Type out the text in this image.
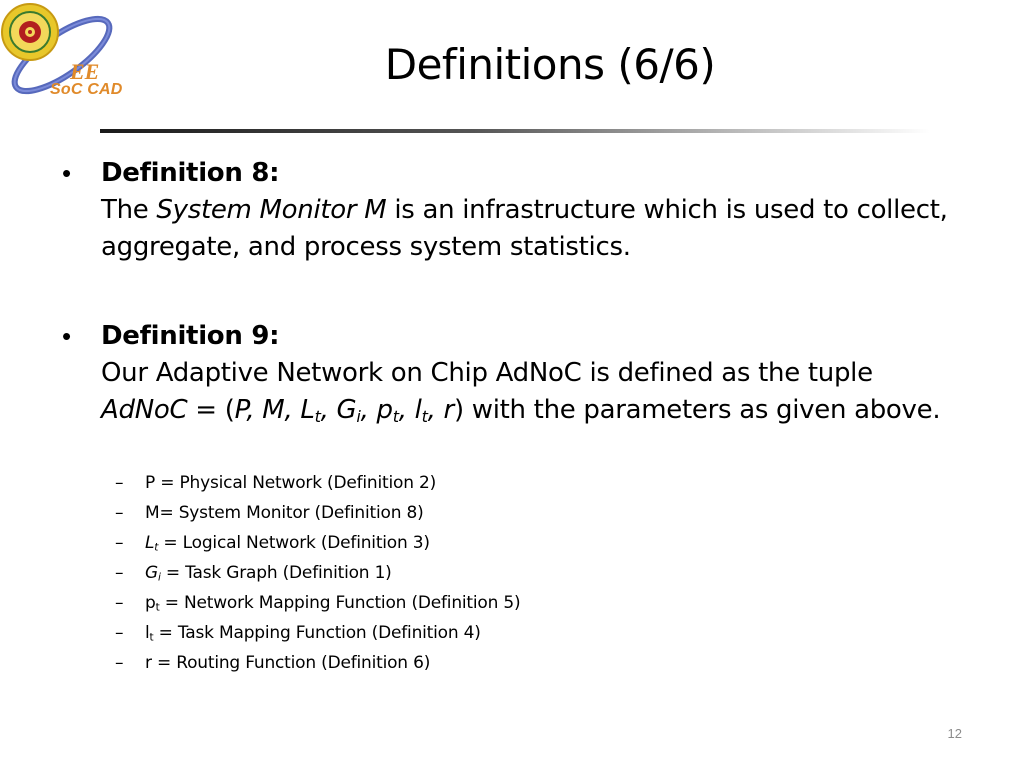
EE
SoC CAD
Definitions (6/6)
• Definition 8:
The System Monitor M is an infrastructure which is used to collect, aggregate, and process system statistics.
• Definition 9:
Our Adaptive Network on Chip AdNoC is defined as the tuple
AdNoC = (P, M, $L_t$, $G_i$, $p_t$, $l_t$, r) with the parameters as given above.
– P = Physical Network (Definition 2)
– M= System Monitor (Definition 8)
– $L_t$ = Logical Network (Definition 3)
– $G_i$ = Task Graph (Definition 1)
– $p_t$ = Network Mapping Function (Definition 5)
– $l_t$ = Task Mapping Function (Definition 4)
– r = Routing Function (Definition 6)
12
